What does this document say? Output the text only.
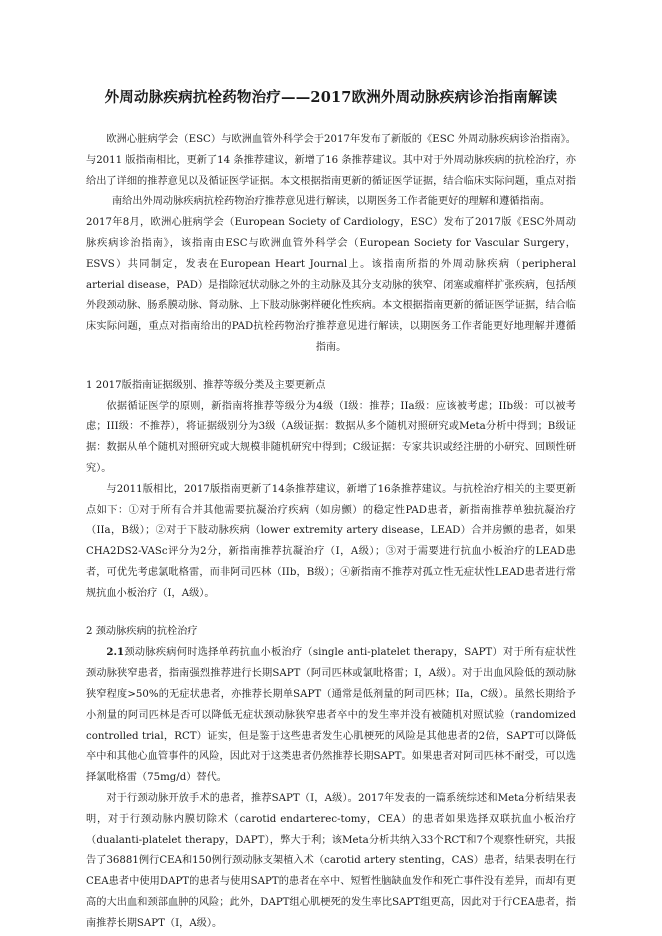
外周动脉疾病抗栓药物治疗——2017欧洲外周动脉疾病诊治指南解读

欧洲心脏病学会（ESC）与欧洲血管外科学会于2017年发布了新版的《ESC 外周动脉疾病诊治指南》。与2011 版指南相比，更新了14 条推荐建议，新增了16 条推荐建议。其中对于外周动脉疾病的抗栓治疗，亦给出了详细的推荐意见以及循证医学证据。本文根据指南更新的循证医学证据，结合临床实际问题，重点对指南给出外周动脉疾病抗栓药物治疗推荐意见进行解读，以期医务工作者能更好的理解和遵循指南。

2017年8月，欧洲心脏病学会（European Society of Cardiology，ESC）发布了2017版《ESC外周动脉疾病诊治指南》，该指南由ESC与欧洲血管外科学会（European Society for Vascular Surgery，ESVS）共同制定，发表在European Heart Journal上。该指南所指的外周动脉疾病（peripheral arterial disease，PAD）是指除冠状动脉之外的主动脉及其分支动脉的狭窄、闭塞或瘤样扩张疾病，包括颅外段颈动脉、肠系膜动脉、肾动脉、上下肢动脉粥样硬化性疾病。本文根据指南更新的循证医学证据，结合临床实际问题，重点对指南给出的PAD抗栓药物治疗推荐意见进行解读，以期医务工作者能更好地理解并遵循指南。

1 2017版指南证据级别、推荐等级分类及主要更新点

依据循证医学的原则，新指南将推荐等级分为4级（I级：推荐；IIa级：应该被考虑；IIb级：可以被考虑；III级：不推荐），将证据级别分为3级（A级证据：数据从多个随机对照研究或Meta分析中得到；B级证据：数据从单个随机对照研究或大规模非随机研究中得到；C级证据：专家共识或经注册的小研究、回顾性研究）。

与2011版相比，2017版指南更新了14条推荐建议，新增了16条推荐建议。与抗栓治疗相关的主要更新点如下：①对于所有合并其他需要抗凝治疗疾病（如房颤）的稳定性PAD患者，新指南推荐单独抗凝治疗（IIa，B级）；②对于下肢动脉疾病（lower extremity artery disease，LEAD）合并房颤的患者，如果CHA2DS2-VASc评分为2分，新指南推荐抗凝治疗（I，A级）；③对于需要进行抗血小板治疗的LEAD患者，可优先考虑氯吡格雷，而非阿司匹林（IIb，B级）；④新指南不推荐对孤立性无症状性LEAD患者进行常规抗血小板治疗（I，A级）。

2 颈动脉疾病的抗栓治疗

2.1颈动脉疾病何时选择单药抗血小板治疗（single anti-platelet therapy，SAPT）对于所有症状性颈动脉狭窄患者，指南强烈推荐进行长期SAPT（阿司匹林或氯吡格雷；I，A级）。对于出血风险低的颈动脉狭窄程度>50%的无症状患者，亦推荐长期单SAPT（通常是低剂量的阿司匹林；IIa，C级）。虽然长期给予小剂量的阿司匹林是否可以降低无症状颈动脉狭窄患者卒中的发生率并没有被随机对照试验（randomized controlled trial，RCT）证实，但是鉴于这些患者发生心肌梗死的风险是其他患者的2倍，SAPT可以降低卒中和其他心血管事件的风险，因此对于这类患者仍然推荐长期SAPT。如果患者对阿司匹林不耐受，可以选择氯吡格雷（75mg/d）替代。

对于行颈动脉开放手术的患者，推荐SAPT（I，A级）。2017年发表的一篇系统综述和Meta分析结果表明，对于行颈动脉内膜切除术（carotid endarterec-tomy，CEA）的患者如果选择双联抗血小板治疗（dualanti-platelet therapy，DAPT），弊大于利；该Meta分析共纳入33个RCT和7个观察性研究，共报告了36881例行CEA和150例行颈动脉支架植入术（carotid artery stenting，CAS）患者，结果表明在行CEA患者中使用DAPT的患者与使用SAPT的患者在卒中、短暂性脑缺血发作和死亡事件没有差异，而却有更高的大出血和颈部血肿的风险；此外，DAPT组心肌梗死的发生率比SAPT组更高，因此对于行CEA患者，指南推荐长期SAPT（I，A级）。
